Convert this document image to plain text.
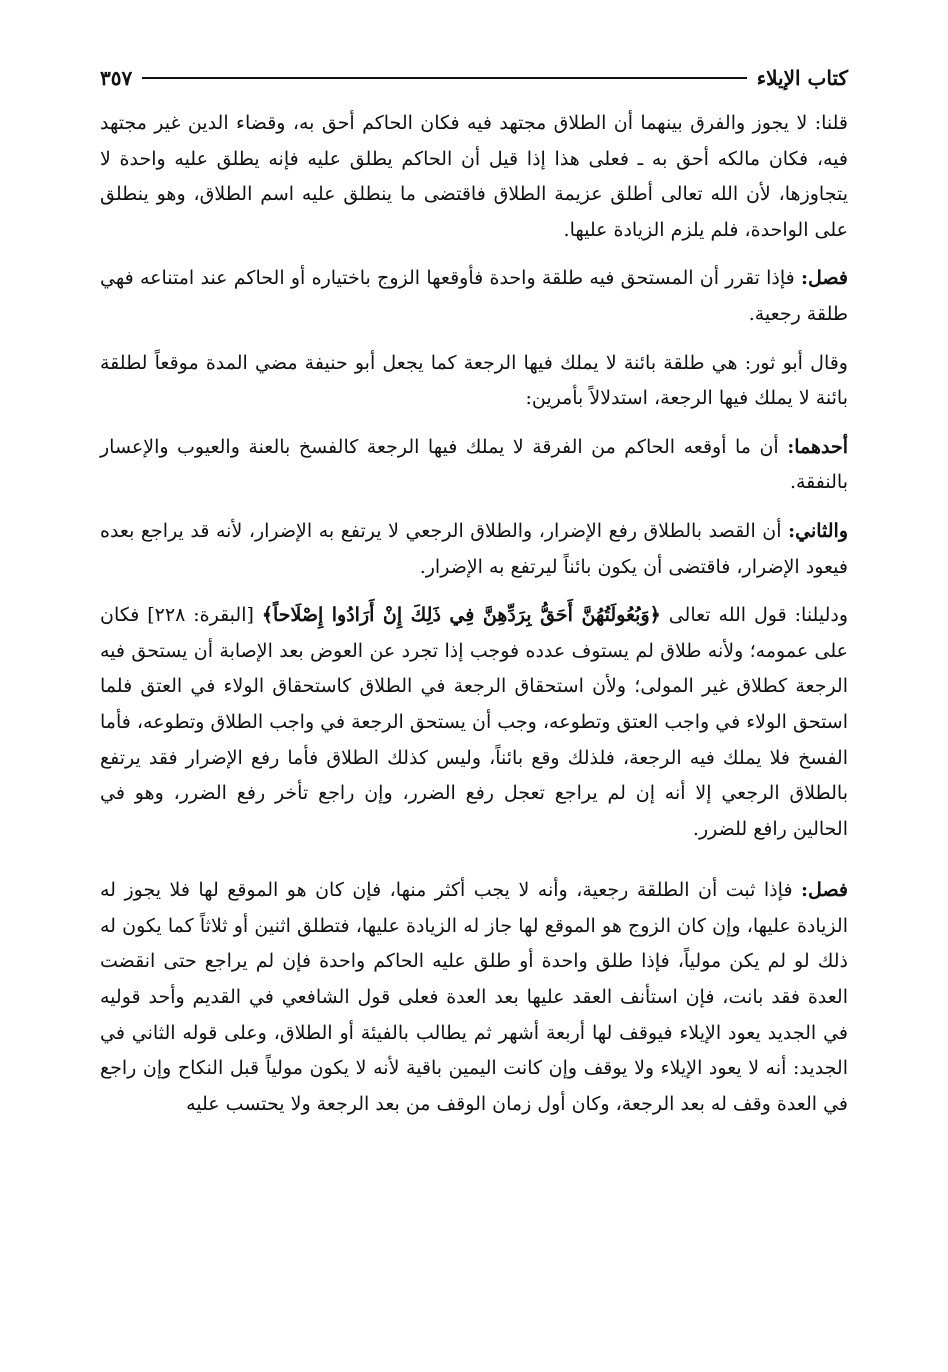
كتاب الإيلاء
٣٥٧

قلنا: لا يجوز والفرق بينهما أن الطلاق مجتهد فيه فكان الحاكم أحق به، وقضاء الدين غير مجتهد فيه، فكان مالكه أحق به ـ فعلى هذا إذا قيل أن الحاكم يطلق عليه فإنه يطلق عليه واحدة لا يتجاوزها، لأن الله تعالى أطلق عزيمة الطلاق فاقتضى ما ينطلق عليه اسم الطلاق، وهو ينطلق على الواحدة، فلم يلزم الزيادة عليها.

فصل: فإذا تقرر أن المستحق فيه طلقة واحدة فأوقعها الزوج باختياره أو الحاكم عند امتناعه فهي طلقة رجعية.

وقال أبو ثور: هي طلقة بائنة لا يملك فيها الرجعة كما يجعل أبو حنيفة مضي المدة موقعاً لطلقة بائنة لا يملك فيها الرجعة، استدلالاً بأمرين:

أحدهما: أن ما أوقعه الحاكم من الفرقة لا يملك فيها الرجعة كالفسخ بالعنة والعيوب والإعسار بالنفقة.

والثاني: أن القصد بالطلاق رفع الإضرار، والطلاق الرجعي لا يرتفع به الإضرار، لأنه قد يراجع بعده فيعود الإضرار، فاقتضى أن يكون بائناً ليرتفع به الإضرار.

ودليلنا: قول الله تعالى ﴿وَبُعُولَتُهُنَّ أَحَقُّ بِرَدِّهِنَّ فِي ذَلِكَ إِنْ أَرَادُوا إِصْلَاحاً﴾ [البقرة: ٢٢٨] فكان على عمومه؛ ولأنه طلاق لم يستوف عدده فوجب إذا تجرد عن العوض بعد الإصابة أن يستحق فيه الرجعة كطلاق غير المولى؛ ولأن استحقاق الرجعة في الطلاق كاستحقاق الولاء في العتق فلما استحق الولاء في واجب العتق وتطوعه، وجب أن يستحق الرجعة في واجب الطلاق وتطوعه، فأما الفسخ فلا يملك فيه الرجعة، فلذلك وقع بائناً، وليس كذلك الطلاق فأما رفع الإضرار فقد يرتفع بالطلاق الرجعي إلا أنه إن لم يراجع تعجل رفع الضرر، وإن راجع تأخر رفع الضرر، وهو في الحالين رافع للضرر.

فصل: فإذا ثبت أن الطلقة رجعية، وأنه لا يجب أكثر منها، فإن كان هو الموقع لها فلا يجوز له الزيادة عليها، وإن كان الزوج هو الموقع لها جاز له الزيادة عليها، فتطلق اثنين أو ثلاثاً كما يكون له ذلك لو لم يكن مولياً، فإذا طلق واحدة أو طلق عليه الحاكم واحدة فإن لم يراجع حتى انقضت العدة فقد بانت، فإن استأنف العقد عليها بعد العدة فعلى قول الشافعي في القديم وأحد قوليه في الجديد يعود الإيلاء فيوقف لها أربعة أشهر ثم يطالب بالفيئة أو الطلاق، وعلى قوله الثاني في الجديد: أنه لا يعود الإيلاء ولا يوقف وإن كانت اليمين باقية لأنه لا يكون مولياً قبل النكاح وإن راجع في العدة وقف له بعد الرجعة، وكان أول زمان الوقف من بعد الرجعة ولا يحتسب عليه
